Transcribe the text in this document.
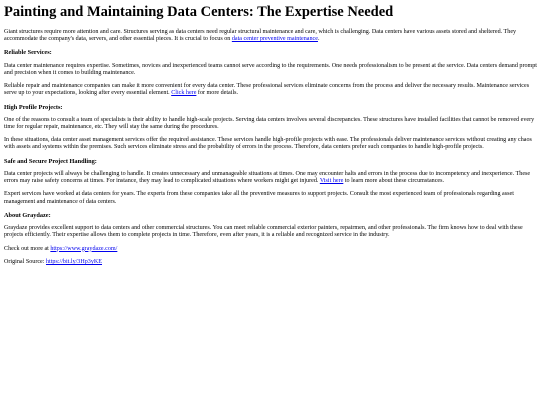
Painting and Maintaining Data Centers: The Expertise Needed

Giant structures require more attention and care. Structures serving as data centers need regular structural maintenance and care, which is challenging. Data centers have various assets stored and sheltered. They accommodate the company's data, servers, and other essential pieces. It is crucial to focus on data center preventive maintenance.

Reliable Services:

Data center maintenance requires expertise. Sometimes, novices and inexperienced teams cannot serve according to the requirements. One needs professionalism to be present at the service. Data centers demand prompt and precision when it comes to building maintenance.

Reliable repair and maintenance companies can make it more convenient for every data center. These professional services eliminate concerns from the process and deliver the necessary results. Maintenance services serve up to your expectations, looking after every essential element. Click here for more details.

High Profile Projects:

One of the reasons to consult a team of specialists is their ability to handle high-scale projects. Serving data centers involves several discrepancies. These structures have installed facilities that cannot be removed every time for regular repair, maintenance, etc. They will stay the same during the procedures.

In these situations, data center asset management services offer the required assistance. These services handle high-profile projects with ease. The professionals deliver maintenance services without creating any chaos with assets and systems within the premises. Such services eliminate stress and the probability of errors in the process. Therefore, data centers prefer such companies to handle high-profile projects.

Safe and Secure Project Handling:

Data center projects will always be challenging to handle. It creates unnecessary and unmanageable situations at times. One may encounter halts and errors in the process due to incompetency and inexperience. These errors may raise safety concerns at times. For instance, they may lead to complicated situations where workers might get injured. Visit here to learn more about these circumstances.

Expert services have worked at data centers for years. The experts from these companies take all the preventive measures to support projects. Consult the most experienced team of professionals regarding asset management and maintenance of data centers.

About Graydaze:

Graydaze provides excellent support to data centers and other commercial structures. You can meet reliable commercial exterior painters, repairmen, and other professionals. The firm knows how to deal with these projects efficiently. Their expertise allows them to complete projects in time. Therefore, even after years, it is a reliable and recognized service in the industry.

Check out more at https://www.graydaze.com/

Original Source: https://bit.ly/3Hp3yKE
